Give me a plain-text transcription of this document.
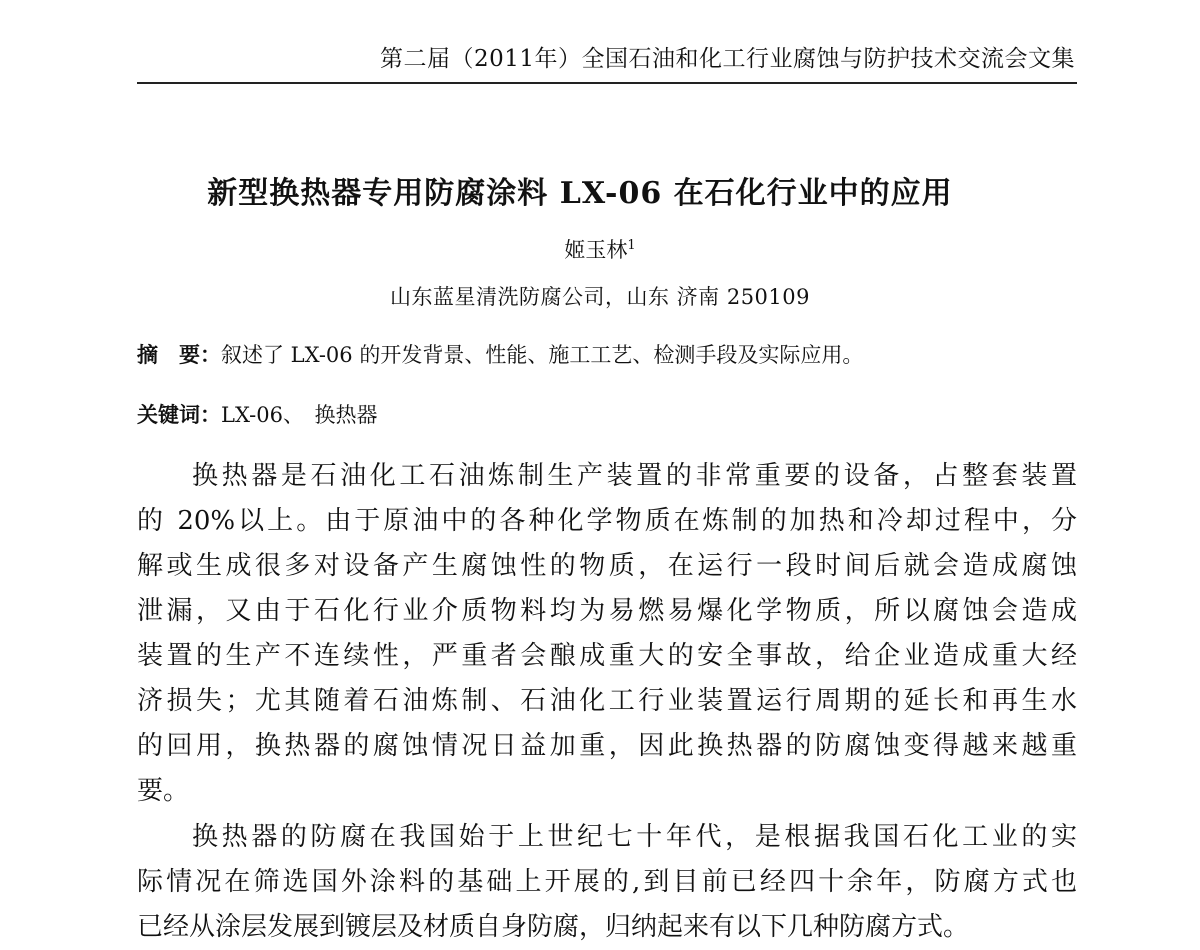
第二届（2011年）全国石油和化工行业腐蚀与防护技术交流会文集
新型换热器专用防腐涂料 LX-06 在石化行业中的应用
姬玉林$^1$
山东蓝星清洗防腐公司，山东 济南 250109
摘　要：叙述了 LX-06 的开发背景、性能、施工工艺、检测手段及实际应用。
关键词：LX-06、　换热器
换热器是石油化工石油炼制生产装置的非常重要的设备，占整套装置
的 20%以上。由于原油中的各种化学物质在炼制的加热和冷却过程中，分
解或生成很多对设备产生腐蚀性的物质，在运行一段时间后就会造成腐蚀
泄漏，又由于石化行业介质物料均为易燃易爆化学物质，所以腐蚀会造成
装置的生产不连续性，严重者会酿成重大的安全事故，给企业造成重大经
济损失；尤其随着石油炼制、石油化工行业装置运行周期的延长和再生水
的回用，换热器的腐蚀情况日益加重，因此换热器的防腐蚀变得越来越重
要。
换热器的防腐在我国始于上世纪七十年代，是根据我国石化工业的实
际情况在筛选国外涂料的基础上开展的,到目前已经四十余年，防腐方式也
已经从涂层发展到镀层及材质自身防腐，归纳起来有以下几种防腐方式。
